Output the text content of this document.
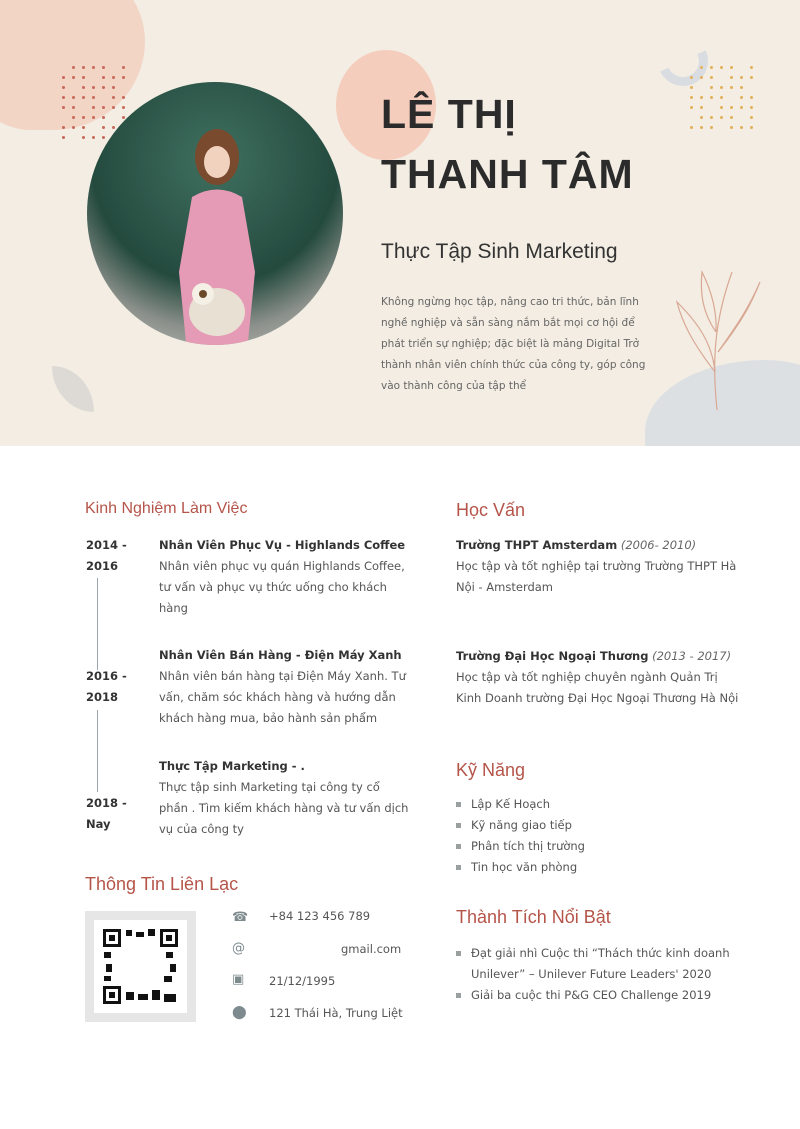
LÊ THỊ
THANH TÂM
Thực Tập Sinh Marketing
Không ngừng học tập, nâng cao tri thức, bản lĩnh nghề nghiệp và sẵn sàng nắm bắt mọi cơ hội để phát triển sự nghiệp; đặc biệt là mảng Digital Trở thành nhân viên chính thức của công ty, góp công vào thành công của tập thể
Kinh Nghiệm Làm Việc
2014 -
2016
2016 -
2018
2018 -
Nay
Nhân Viên Phục Vụ - Highlands Coffee
Nhân viên phục vụ quán Highlands Coffee, tư vấn và phục vụ thức uống cho khách hàng
Nhân Viên Bán Hàng - Điện Máy Xanh
Nhân viên bán hàng tại Điện Máy Xanh. Tư vấn, chăm sóc khách hàng và hướng dẫn khách hàng mua, bảo hành sản phẩm
Thực Tập Marketing - .
Thực tập sinh Marketing tại công ty cổ phần . Tìm kiếm khách hàng và tư vấn dịch vụ của công ty
Thông Tin Liên Lạc
☎ +84 123 456 789
@	gmail.com
▣ 21/12/1995
⬤ 121 Thái Hà, Trung Liệt
Học Vấn
Trường THPT Amsterdam (2006- 2010)
Học tập và tốt nghiệp tại trường Trường THPT Hà Nội - Amsterdam
Trường Đại Học Ngoại Thương (2013 - 2017)
Học tập và tốt nghiệp chuyên ngành Quản Trị Kinh Doanh trường Đại Học Ngoại Thương Hà Nội
Kỹ Năng
Lập Kế Hoạch
Kỹ năng giao tiếp
Phân tích thị trường
Tin học văn phòng
Thành Tích Nổi Bật
Đạt giải nhì Cuộc thi “Thách thức kinh doanh Unilever” – Unilever Future Leaders' 2020
Giải ba cuộc thi P&G CEO Challenge 2019
